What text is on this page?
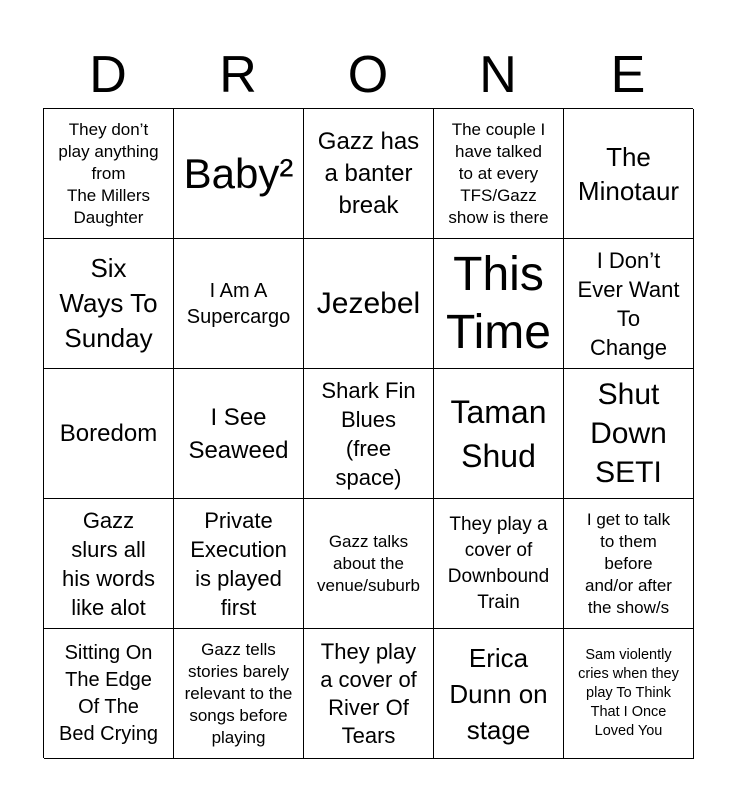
D	R	O	N	E
They don’t
play anything
from
The Millers
Daughter
Baby²
Gazz has
a banter
break
The couple I
have talked
to at every
TFS/Gazz
show is there
The
Minotaur
Six
Ways To
Sunday
I Am A
Supercargo Jezebel
This
Time
I Don’t
Ever Want
To
Change
Boredom
I See
Seaweed
Shark Fin
Blues
(free
space)
Taman
Shud
Shut
Down
SETI
Gazz
slurs all
his words
like alot
Private
Execution
is played
first
Gazz talks
about the
venue/suburb
They play a
cover of
Downbound
Train
I get to talk
to them
before
and/or after
the show/s
Sitting On
The Edge
Of The
Bed Crying
Gazz tells
stories barely
relevant to the
songs before
playing
They play
a cover of
River Of
Tears
Erica
Dunn on
stage
Sam violently
cries when they
play To Think
That I Once
Loved You
